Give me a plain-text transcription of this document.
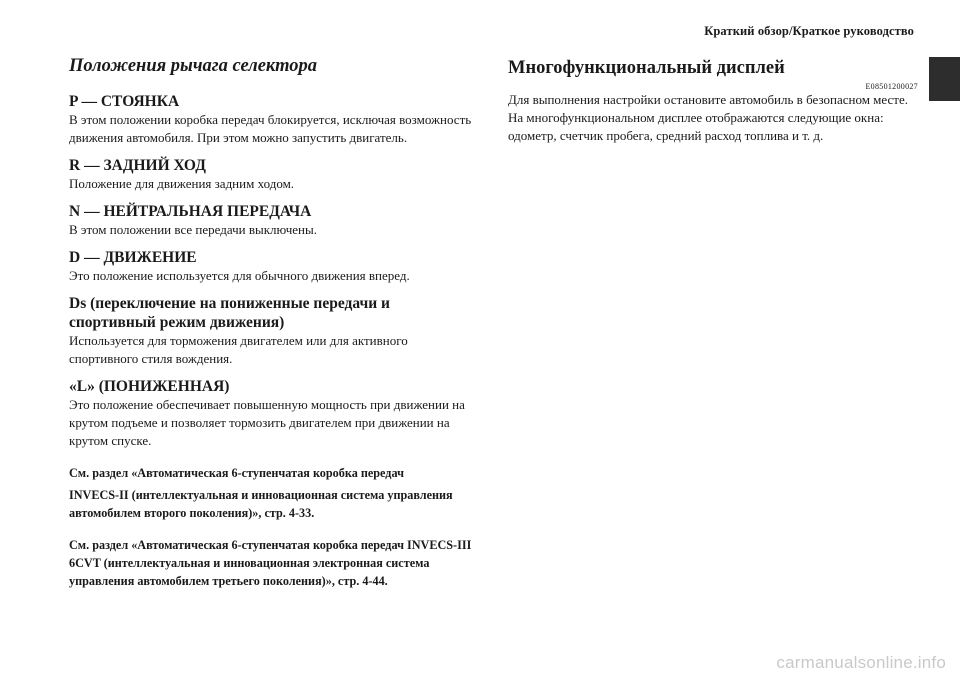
Краткий обзор/Краткое руководство
Положения рычага селектора
P — СТОЯНКА
В этом положении коробка передач блокируется, исключая возможность движения автомобиля. При этом можно запустить двигатель.
R — ЗАДНИЙ ХОД
Положение для движения задним ходом.
N — НЕЙТРАЛЬНАЯ ПЕРЕДАЧА
В этом положении все передачи выключены.
D — ДВИЖЕНИЕ
Это положение используется для обычного движения вперед.
Ds (переключение на пониженные передачи и спортивный режим движения)
Используется для торможения двигателем или для активного спортивного стиля вождения.
«L» (ПОНИЖЕННАЯ)
Это положение обеспечивает повышенную мощность при движении на крутом подъеме и позволяет тормозить двигателем при движении на крутом спуске.
См. раздел «Автоматическая 6-ступенчатая коробка передач
INVECS-II (интеллектуальная и инновационная система управления автомобилем второго поколения)», стр. 4-33.
См. раздел «Автоматическая 6-ступенчатая коробка передач INVECS-III 6CVT (интеллектуальная и инновационная электронная система управления автомобилем третьего поколения)», стр. 4-44.
Многофункциональный дисплей
E08501200027
Для выполнения настройки остановите автомобиль в безопасном месте.
На многофункциональном дисплее отображаются следующие окна: одометр, счетчик пробега, средний расход топлива и т. д.
carmanualsonline.info
